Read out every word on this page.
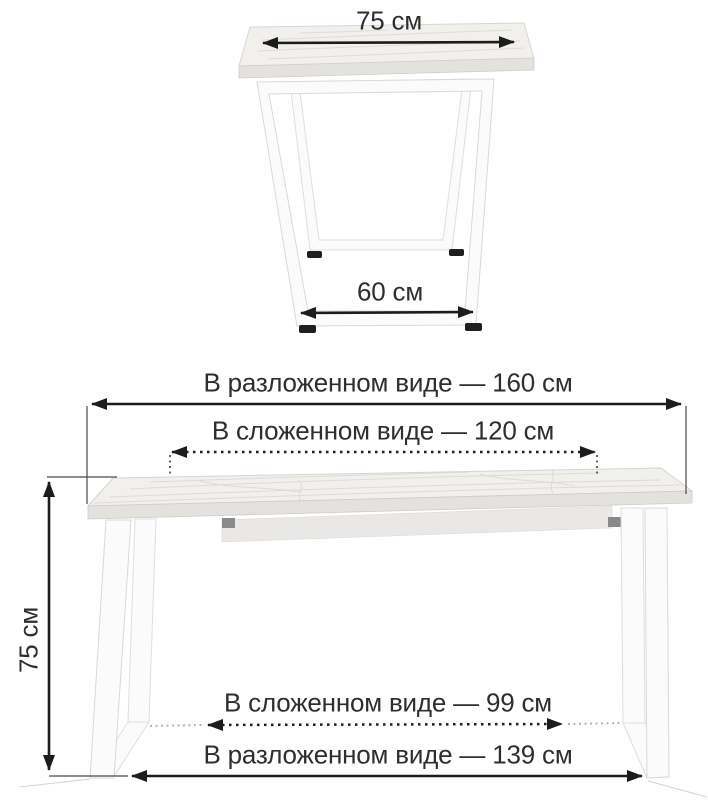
75 см
60 см
В разложенном виде — 160 см
В сложенном виде — 120 см
75 см
В сложенном виде — 99 см
В разложенном виде — 139 см
